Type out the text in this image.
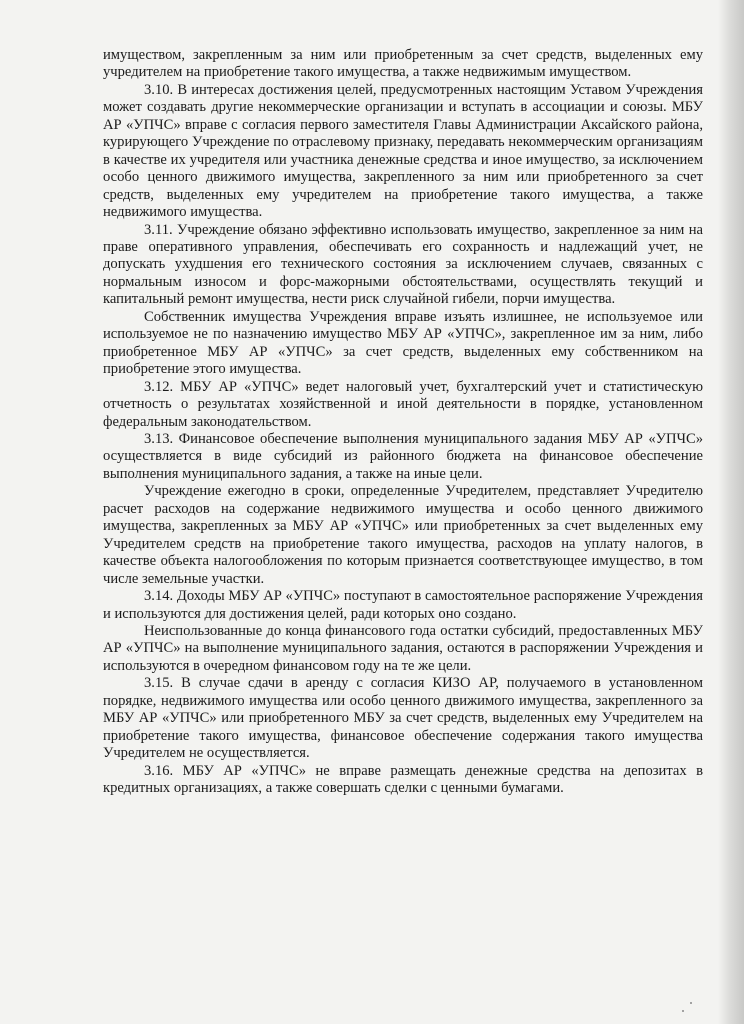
имуществом, закрепленным за ним или приобретенным за счет средств, выделенных ему учредителем на приобретение такого имущества, а также недвижимым имуществом.

3.10. В интересах достижения целей, предусмотренных настоящим Уставом Учреждения может создавать другие некоммерческие организации и вступать в ассоциации и союзы. МБУ АР «УПЧС» вправе с согласия первого заместителя Главы Администрации Аксайского района, курирующего Учреждение по отраслевому признаку, передавать некоммерческим организациям в качестве их учредителя или участника денежные средства и иное имущество, за исключением особо ценного движимого имущества, закрепленного за ним или приобретенного за счет средств, выделенных ему учредителем на приобретение такого имущества, а также недвижимого имущества.

3.11. Учреждение обязано эффективно использовать имущество, закрепленное за ним на праве оперативного управления, обеспечивать его сохранность и надлежащий учет, не допускать ухудшения его технического состояния за исключением случаев, связанных с нормальным износом и форс-мажорными обстоятельствами, осуществлять текущий и капитальный ремонт имущества, нести риск случайной гибели, порчи имущества.

Собственник имущества Учреждения вправе изъять излишнее, не используемое или используемое не по назначению имущество МБУ АР «УПЧС», закрепленное им за ним, либо приобретенное МБУ АР «УПЧС» за счет средств, выделенных ему собственником на приобретение этого имущества.

3.12. МБУ АР «УПЧС» ведет налоговый учет, бухгалтерский учет и статистическую отчетность о результатах хозяйственной и иной деятельности в порядке, установленном федеральным законодательством.

3.13. Финансовое обеспечение выполнения муниципального задания МБУ АР «УПЧС» осуществляется в виде субсидий из районного бюджета на финансовое обеспечение выполнения муниципального задания, а также на иные цели.

Учреждение ежегодно в сроки, определенные Учредителем, представляет Учредителю расчет расходов на содержание недвижимого имущества и особо ценного движимого имущества, закрепленных за МБУ АР «УПЧС» или приобретенных за счет выделенных ему Учредителем средств на приобретение такого имущества, расходов на уплату налогов, в качестве объекта налогообложения по которым признается соответствующее имущество, в том числе земельные участки.

3.14. Доходы МБУ АР «УПЧС» поступают в самостоятельное распоряжение Учреждения и используются для достижения целей, ради которых оно создано.

Неиспользованные до конца финансового года остатки субсидий, предоставленных МБУ АР «УПЧС» на выполнение муниципального задания, остаются в распоряжении Учреждения и используются в очередном финансовом году на те же цели.

3.15. В случае сдачи в аренду с согласия КИЗО АР, получаемого в установленном порядке, недвижимого имущества или особо ценного движимого имущества, закрепленного за МБУ АР «УПЧС» или приобретенного МБУ за счет средств, выделенных ему Учредителем на приобретение такого имущества, финансовое обеспечение содержания такого имущества Учредителем не осуществляется.

3.16. МБУ АР «УПЧС» не вправе размещать денежные средства на депозитах в кредитных организациях, а также совершать сделки с ценными бумагами.
